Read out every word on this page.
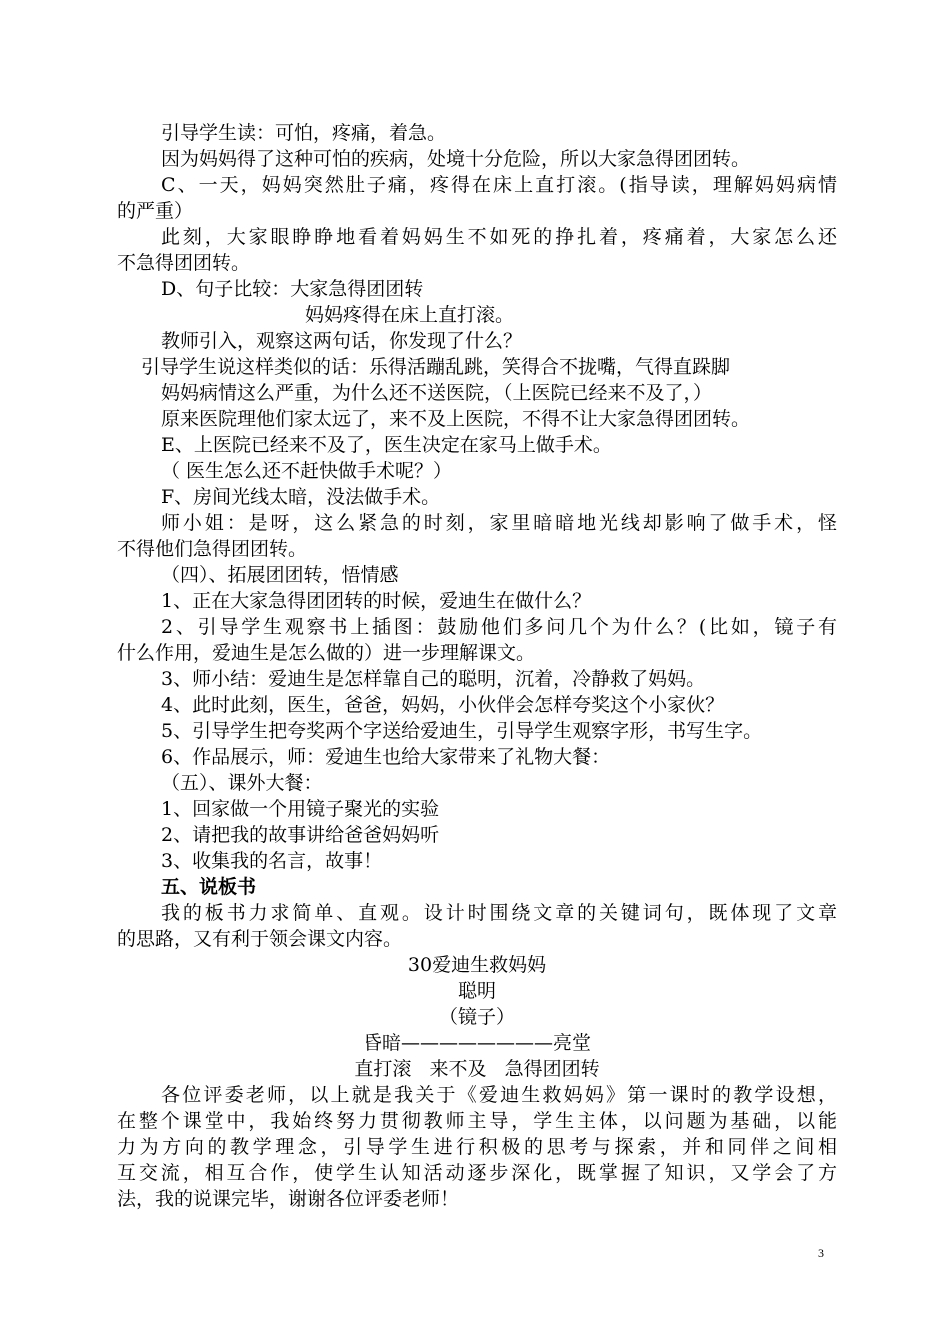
引导学生读：可怕，疼痛，着急。
因为妈妈得了这种可怕的疾病，处境十分危险，所以大家急得团团转。
C、一天，妈妈突然肚子痛，疼得在床上直打滚。(指导读，理解妈妈病情
的严重）
此刻，大家眼睁睁地看着妈妈生不如死的挣扎着，疼痛着，大家怎么还
不急得团团转。
D、句子比较：大家急得团团转
妈妈疼得在床上直打滚。
教师引入，观察这两句话，你发现了什么？
引导学生说这样类似的话：乐得活蹦乱跳，笑得合不拢嘴，气得直跺脚
妈妈病情这么严重，为什么还不送医院，（上医院已经来不及了，）
原来医院理他们家太远了，来不及上医院，不得不让大家急得团团转。
E、上医院已经来不及了，医生决定在家马上做手术。
（ 医生怎么还不赶快做手术呢？）
F、房间光线太暗，没法做手术。
师小姐：是呀，这么紧急的时刻，家里暗暗地光线却影响了做手术，怪
不得他们急得团团转。
（四）、拓展团团转，悟情感
1、正在大家急得团团转的时候，爱迪生在做什么？
2、引导学生观察书上插图：鼓励他们多问几个为什么？(比如，镜子有
什么作用，爱迪生是怎么做的）进一步理解课文。
3、师小结：爱迪生是怎样靠自己的聪明，沉着，冷静救了妈妈。
4、此时此刻，医生，爸爸，妈妈，小伙伴会怎样夸奖这个小家伙？
5、引导学生把夸奖两个字送给爱迪生，引导学生观察字形，书写生字。
6、作品展示，师：爱迪生也给大家带来了礼物大餐：
（五）、课外大餐：
1、回家做一个用镜子聚光的实验
2、请把我的故事讲给爸爸妈妈听
3、收集我的名言，故事！
五、说板书
我的板书力求简单、直观。设计时围绕文章的关键词句，既体现了文章
的思路，又有利于领会课文内容。
30爱迪生救妈妈
聪明
（镜子）
昏暗————————亮堂
直打滚   来不及   急得团团转
各位评委老师，以上就是我关于《爱迪生救妈妈》第一课时的教学设想，
在整个课堂中，我始终努力贯彻教师主导，学生主体，以问题为基础，以能
力为方向的教学理念，引导学生进行积极的思考与探索，并和同伴之间相
互交流，相互合作，使学生认知活动逐步深化，既掌握了知识，又学会了方
法，我的说课完毕，谢谢各位评委老师！
3
